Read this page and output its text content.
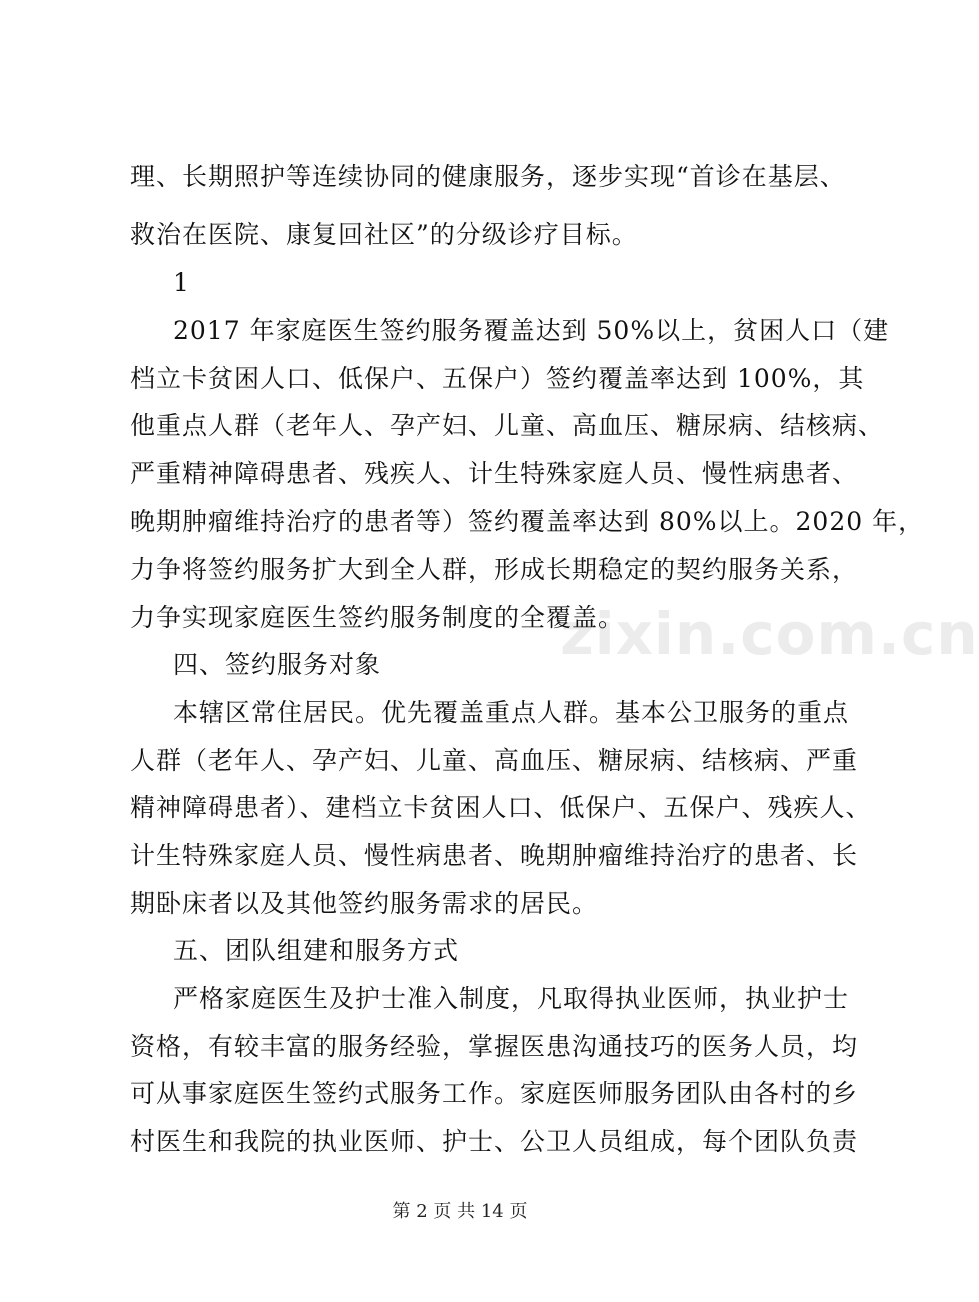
zixin.com.cn
理、长期照护等连续协同的健康服务，逐步实现“首诊在基层、
救治在医院、康复回社区”的分级诊疗目标。
1
2017 年家庭医生签约服务覆盖达到 50%以上，贫困人口（建
档立卡贫困人口、低保户、五保户）签约覆盖率达到 100%，其
他重点人群（老年人、孕产妇、儿童、高血压、糖尿病、结核病、
严重精神障碍患者、残疾人、计生特殊家庭人员、慢性病患者、
晚期肿瘤维持治疗的患者等）签约覆盖率达到 80%以上。2020 年，
力争将签约服务扩大到全人群，形成长期稳定的契约服务关系，
力争实现家庭医生签约服务制度的全覆盖。
四、签约服务对象
本辖区常住居民。优先覆盖重点人群。基本公卫服务的重点
人群（老年人、孕产妇、儿童、高血压、糖尿病、结核病、严重
精神障碍患者）、建档立卡贫困人口、低保户、五保户、残疾人、
计生特殊家庭人员、慢性病患者、晚期肿瘤维持治疗的患者、长
期卧床者以及其他签约服务需求的居民。
五、团队组建和服务方式
严格家庭医生及护士准入制度，凡取得执业医师，执业护士
资格，有较丰富的服务经验，掌握医患沟通技巧的医务人员，均
可从事家庭医生签约式服务工作。家庭医师服务团队由各村的乡
村医生和我院的执业医师、护士、公卫人员组成，每个团队负责
第 2 页 共 14 页
